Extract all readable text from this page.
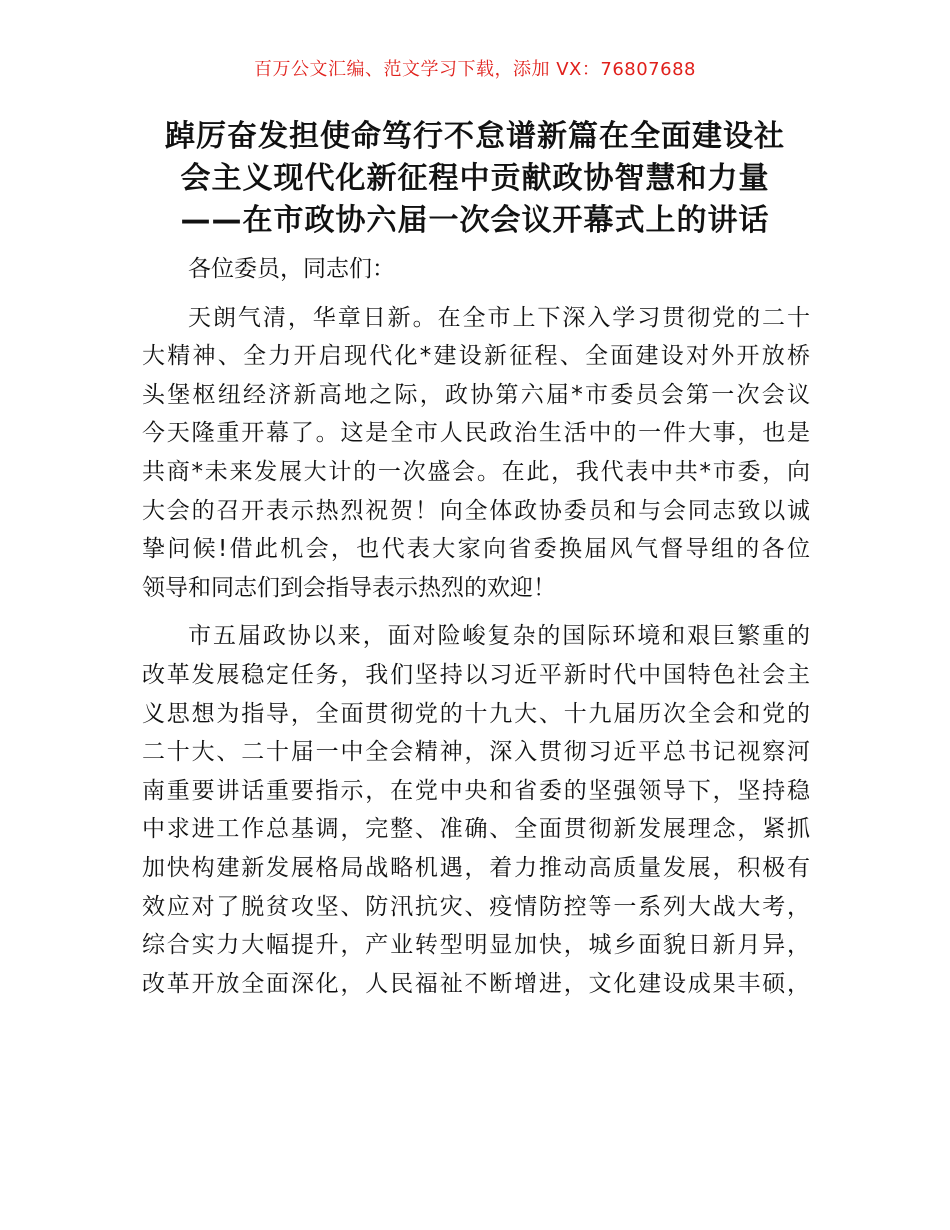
百万公文汇编、范文学习下载，添加 VX：76807688
踔厉奋发担使命笃行不怠谱新篇在全面建设社
会主义现代化新征程中贡献政协智慧和力量
——在市政协六届一次会议开幕式上的讲话
各位委员，同志们：
天朗气清，华章日新。在全市上下深入学习贯彻党的二十
大精神、全力开启现代化*建设新征程、全面建设对外开放桥
头堡枢纽经济新高地之际，政协第六届*市委员会第一次会议
今天隆重开幕了。这是全市人民政治生活中的一件大事，也是
共商*未来发展大计的一次盛会。在此，我代表中共*市委，向
大会的召开表示热烈祝贺！向全体政协委员和与会同志致以诚
挚问候!借此机会，也代表大家向省委换届风气督导组的各位
领导和同志们到会指导表示热烈的欢迎！
市五届政协以来，面对险峻复杂的国际环境和艰巨繁重的
改革发展稳定任务，我们坚持以习近平新时代中国特色社会主
义思想为指导，全面贯彻党的十九大、十九届历次全会和党的
二十大、二十届一中全会精神，深入贯彻习近平总书记视察河
南重要讲话重要指示，在党中央和省委的坚强领导下，坚持稳
中求进工作总基调，完整、准确、全面贯彻新发展理念，紧抓
加快构建新发展格局战略机遇，着力推动高质量发展，积极有
效应对了脱贫攻坚、防汛抗灾、疫情防控等一系列大战大考，
综合实力大幅提升，产业转型明显加快，城乡面貌日新月异，
改革开放全面深化，人民福祉不断增进，文化建设成果丰硕，
